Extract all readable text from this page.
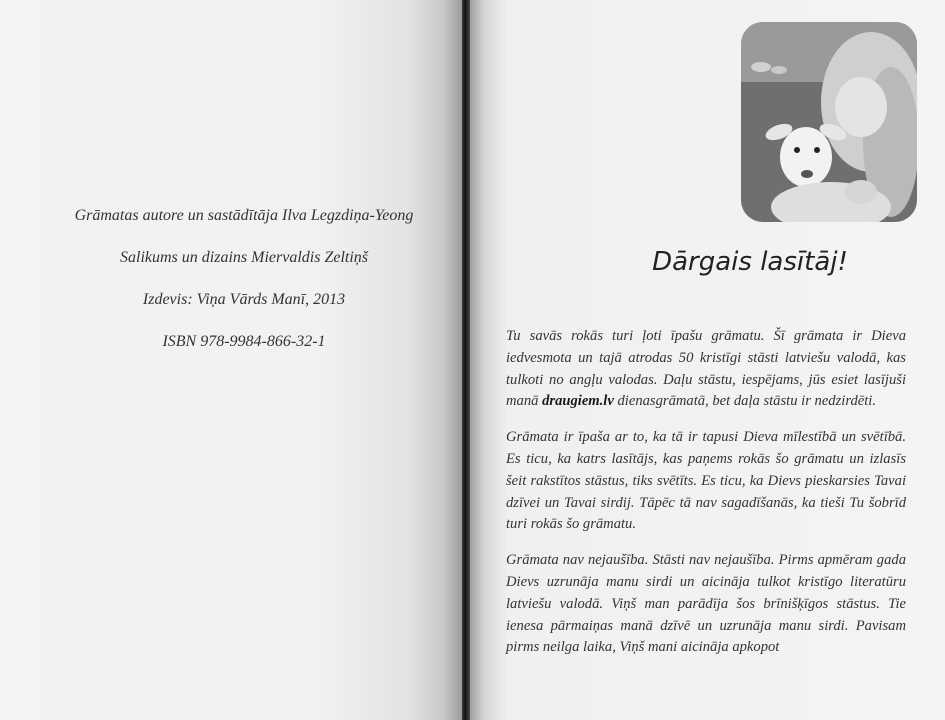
Grāmatas autore un sastādītāja Ilva Legzdiņa-Yeong
Salikums un dizains Miervaldis Zeltiņš
Izdevis: Viņa Vārds Manī, 2013
ISBN 978-9984-866-32-1
Dārgais lasītāj!

Tu savās rokās turi ļoti īpašu grāmatu. Šī grāmata ir Dieva iedvesmota un tajā atrodas 50 kristīgi stāsti latviešu valodā, kas tulkoti no angļu valodas. Daļu stāstu, iespējams, jūs esiet lasījuši manā draugiem.lv dienasgrāmatā, bet daļa stāstu ir nedzirdēti.

Grāmata ir īpaša ar to, ka tā ir tapusi Dieva mīlestībā un svētībā. Es ticu, ka katrs lasītājs, kas paņems rokās šo grāmatu un izlasīs šeit rakstītos stāstus, tiks svētīts. Es ticu, ka Dievs pieskarsies Tavai dzīvei un Tavai sirdij. Tāpēc tā nav sagadīšanās, ka tieši Tu šobrīd turi rokās šo grāmatu.

Grāmata nav nejaušība. Stāsti nav nejaušība. Pirms apmēram gada Dievs uzrunāja manu sirdi un aicināja tulkot kristīgo literatūru latviešu valodā. Viņš man parādīja šos brīnišķīgos stāstus. Tie ienesa pārmaiņas manā dzīvē un uzrunāja manu sirdi. Pavisam pirms neilga laika, Viņš mani aicināja apkopot
